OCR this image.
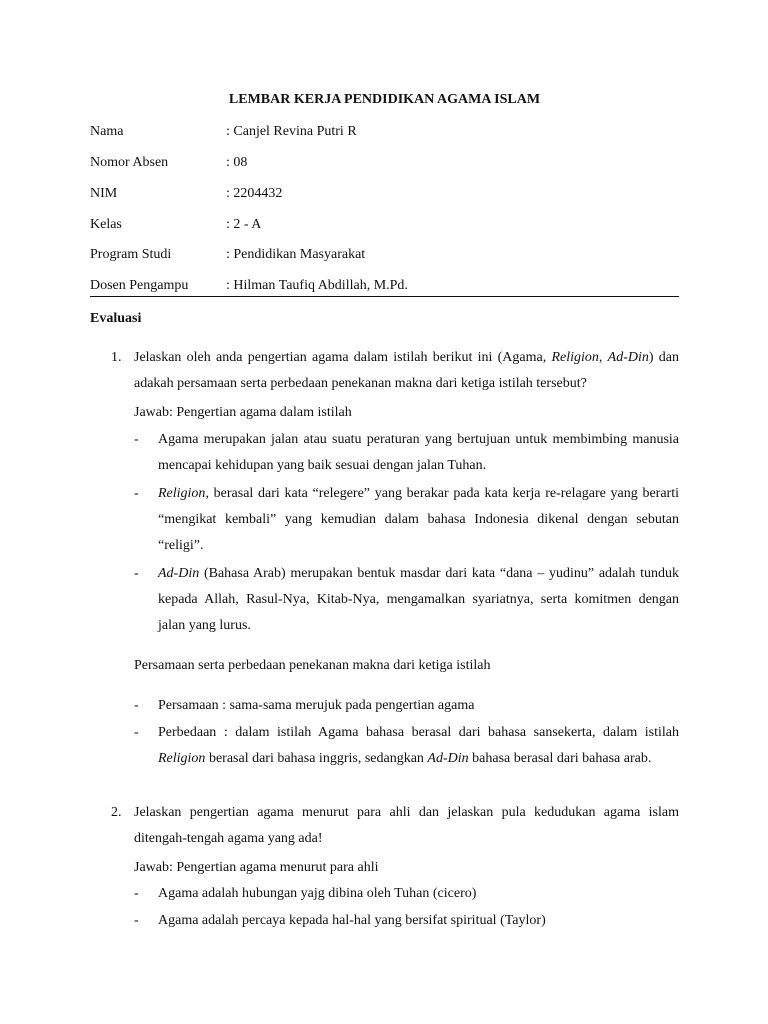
LEMBAR KERJA PENDIDIKAN AGAMA ISLAM
Nama	: Canjel Revina Putri R
Nomor Absen	: 08
NIM	: 2204432
Kelas	: 2 - A
Program Studi	: Pendidikan Masyarakat
Dosen Pengampu	: Hilman Taufiq Abdillah, M.Pd.
Evaluasi
1. Jelaskan oleh anda pengertian agama dalam istilah berikut ini (Agama, Religion, Ad-Din) dan adakah persamaan serta perbedaan penekanan makna dari ketiga istilah tersebut?
Jawab: Pengertian agama dalam istilah
- Agama merupakan jalan atau suatu peraturan yang bertujuan untuk membimbing manusia mencapai kehidupan yang baik sesuai dengan jalan Tuhan.
- Religion, berasal dari kata “relegere” yang berakar pada kata kerja re-relagare yang berarti “mengikat kembali” yang kemudian dalam bahasa Indonesia dikenal dengan sebutan “religi”.
- Ad-Din (Bahasa Arab) merupakan bentuk masdar dari kata “dana – yudinu” adalah tunduk kepada Allah, Rasul-Nya, Kitab-Nya, mengamalkan syariatnya, serta komitmen dengan jalan yang lurus.
Persamaan serta perbedaan penekanan makna dari ketiga istilah
- Persamaan : sama-sama merujuk pada pengertian agama
- Perbedaan : dalam istilah Agama bahasa berasal dari bahasa sansekerta, dalam istilah Religion berasal dari bahasa inggris, sedangkan Ad-Din bahasa berasal dari bahasa arab.
2. Jelaskan pengertian agama menurut para ahli dan jelaskan pula kedudukan agama islam ditengah-tengah agama yang ada!
Jawab: Pengertian agama menurut para ahli
- Agama adalah hubungan yajg dibina oleh Tuhan (cicero)
- Agama adalah percaya kepada hal-hal yang bersifat spiritual (Taylor)
